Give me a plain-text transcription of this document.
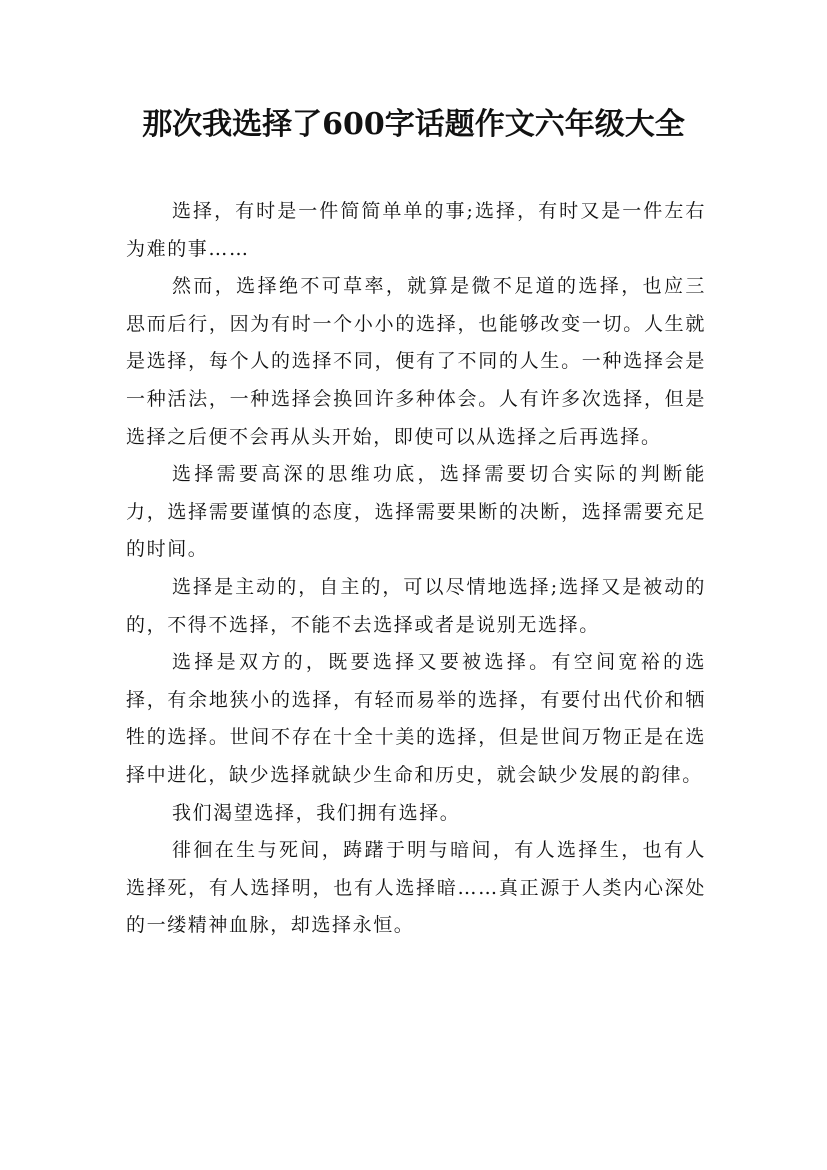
那次我选择了600字话题作文六年级大全

选择，有时是一件简简单单的事;选择，有时又是一件左右为难的事……

然而，选择绝不可草率，就算是微不足道的选择，也应三思而后行，因为有时一个小小的选择，也能够改变一切。人生就是选择，每个人的选择不同，便有了不同的人生。一种选择会是一种活法，一种选择会换回许多种体会。人有许多次选择，但是选择之后便不会再从头开始，即使可以从选择之后再选择。

选择需要高深的思维功底，选择需要切合实际的判断能力，选择需要谨慎的态度，选择需要果断的决断，选择需要充足的时间。

选择是主动的，自主的，可以尽情地选择;选择又是被动的的，不得不选择，不能不去选择或者是说别无选择。

选择是双方的，既要选择又要被选择。有空间宽裕的选择，有余地狭小的选择，有轻而易举的选择，有要付出代价和牺牲的选择。世间不存在十全十美的选择，但是世间万物正是在选择中进化，缺少选择就缺少生命和历史，就会缺少发展的韵律。

我们渴望选择，我们拥有选择。

徘徊在生与死间，踌躇于明与暗间，有人选择生，也有人选择死，有人选择明，也有人选择暗……真正源于人类内心深处的一缕精神血脉，却选择永恒。
